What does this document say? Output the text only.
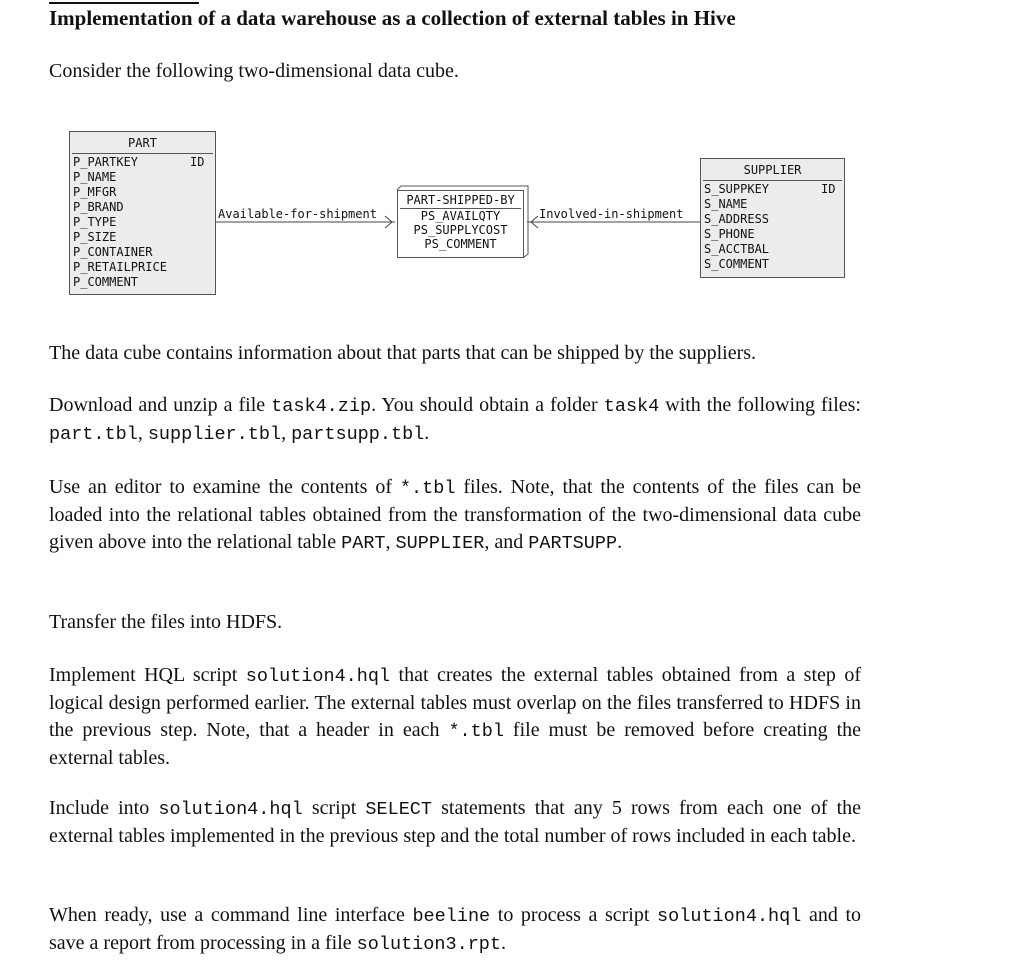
Implementation of a data warehouse as a collection of external tables in Hive
Consider the following two-dimensional data cube.
PART
ID
P_PARTKEY
P_NAME
P_MFGR
P_BRAND
P_TYPE
P_SIZE
P_CONTAINER
P_RETAILPRICE
P_COMMENT
PART-SHIPPED-BY
PS_AVAILQTY
PS_SUPPLYCOST
PS_COMMENT
SUPPLIER
ID
S_SUPPKEY
S_NAME
S_ADDRESS
S_PHONE
S_ACCTBAL
S_COMMENT
Available-for-shipment	Involved-in-shipment
The data cube contains information about that parts that can be shipped by the suppliers.
Download and unzip a file task4.zip. You should obtain a folder task4 with the following files: part.tbl, supplier.tbl, partsupp.tbl.
Use an editor to examine the contents of *.tbl files. Note, that the contents of the files can be loaded into the relational tables obtained from the transformation of the two-dimensional data cube given above into the relational table PART, SUPPLIER, and PARTSUPP.
Transfer the files into HDFS.
Implement HQL script solution4.hql that creates the external tables obtained from a step of logical design performed earlier. The external tables must overlap on the files transferred to HDFS in the previous step. Note, that a header in each *.tbl file must be removed before creating the external tables.
Include into solution4.hql script SELECT statements that any 5 rows from each one of the external tables implemented in the previous step and the total number of rows included in each table.
When ready, use a command line interface beeline to process a script solution4.hql and to save a report from processing in a file solution3.rpt.
